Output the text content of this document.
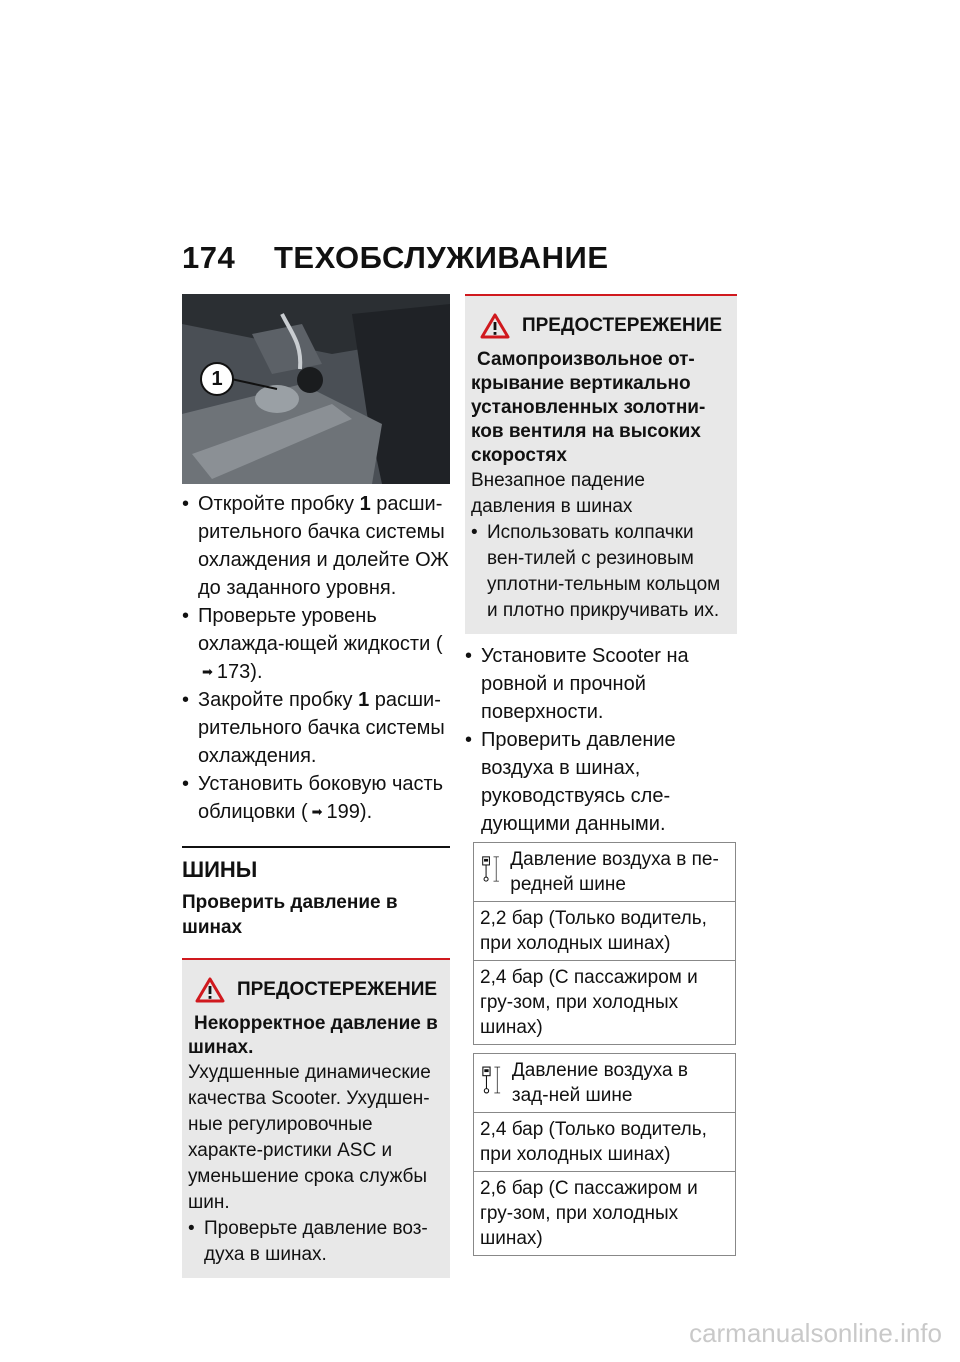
174 ТЕХОБСЛУЖИВАНИЕ
1
• Откройте пробку 1 расши-рительного бачка системы охлаждения и долейте ОЖ до заданного уровня.
• Проверьте уровень охлажда-ющей жидкости (➡ 173).
• Закройте пробку 1 расши-рительного бачка системы охлаждения.
• Установить боковую часть облицовки ( ➡ 199).
ШИНЫ
Проверить давление в шинах
ПРЕДОСТЕРЕЖЕНИЕ
Некорректное давление в шинах.
Ухудшенные динамические качества Scooter. Ухудшен-ные регулировочные характе-ристики ASC и уменьшение срока службы шин.
• Проверьте давление воз-духа в шинах.
ПРЕДОСТЕРЕЖЕНИЕ
Самопроизвольное от-крывание вертикально установленных золотни-ков вентиля на высоких скоростях
Внезапное падение давления в шинах
• Использовать колпачки вен-тилей с резиновым уплотни-тельным кольцом и плотно прикручивать их.
• Установите Scooter на ровной и прочной поверхности.
• Проверить давление воздуха в шинах, руководствуясь сле-дующими данными.
Давление воздуха в пе-редней шине

2,2 бар (Только водитель, при холодных шинах)
2,4 бар (С пассажиром и гру-зом, при холодных шинах)
Давление воздуха в зад-ней шине

2,4 бар (Только водитель, при холодных шинах)
2,6 бар (С пассажиром и гру-зом, при холодных шинах)
carmanualsonline.info
